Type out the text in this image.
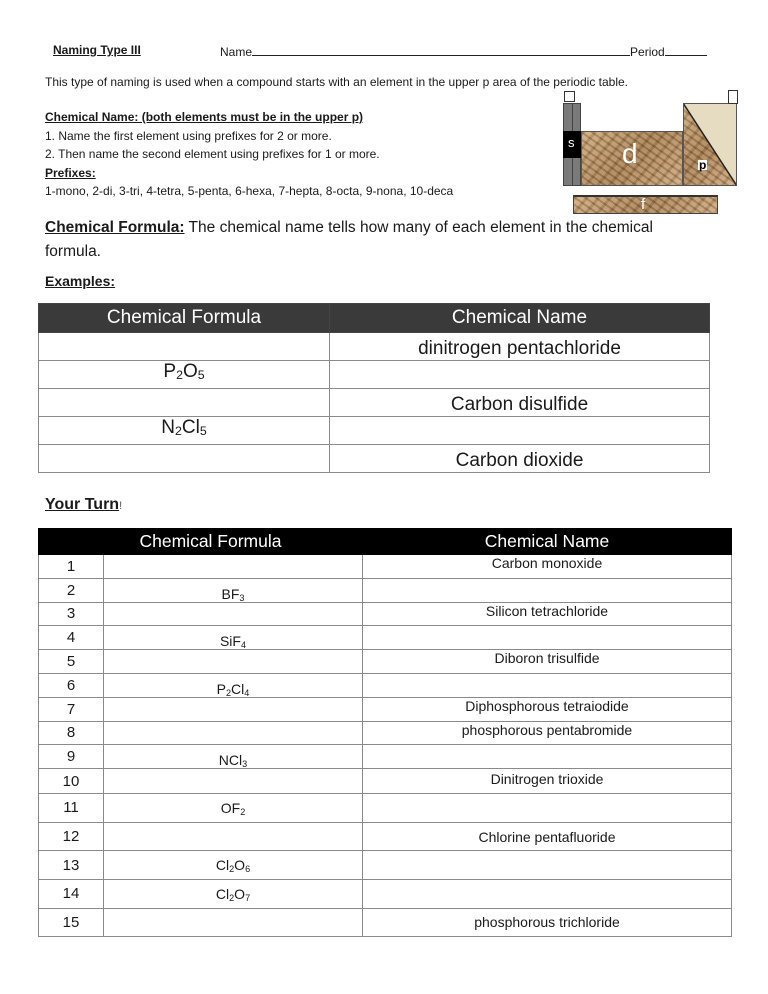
Naming Type III	Name	Period
This type of naming is used when a compound starts with an element in the upper p area of the periodic table.
Chemical Name: (both elements must be in the upper p)
1. Name the first element using prefixes for 2 or more.
2. Then name the second element using prefixes for 1 or more.
Prefixes:
1-mono, 2-di, 3-tri, 4-tetra, 5-penta, 6-hexa, 7-hepta, 8-octa, 9-nona, 10-deca
s d	p
f
Chemical Formula: The chemical name tells how many of each element in the chemical formula.
Examples:
Chemical Formula	Chemical Name
	dinitrogen pentachloride
$P_2O_5$	
	Carbon disulfide
$N_2Cl_5$	
	Carbon dioxide
Your Turn!
Chemical Formula		Chemical Name
1		Carbon monoxide
2	$BF_3$	
3		Silicon tetrachloride
4	SiF$_4$	
5		Diboron trisulfide
6	$P_2Cl_4$	
7		Diphosphorous tetraiodide
8		phosphorous pentabromide
9	NCl$_3$	
10		Dinitrogen trioxide
11	$OF_2$	
12		Chlorine pentafluoride
13	$Cl_2O_6$	
14	$Cl_2O_7$	
15		phosphorous trichloride
